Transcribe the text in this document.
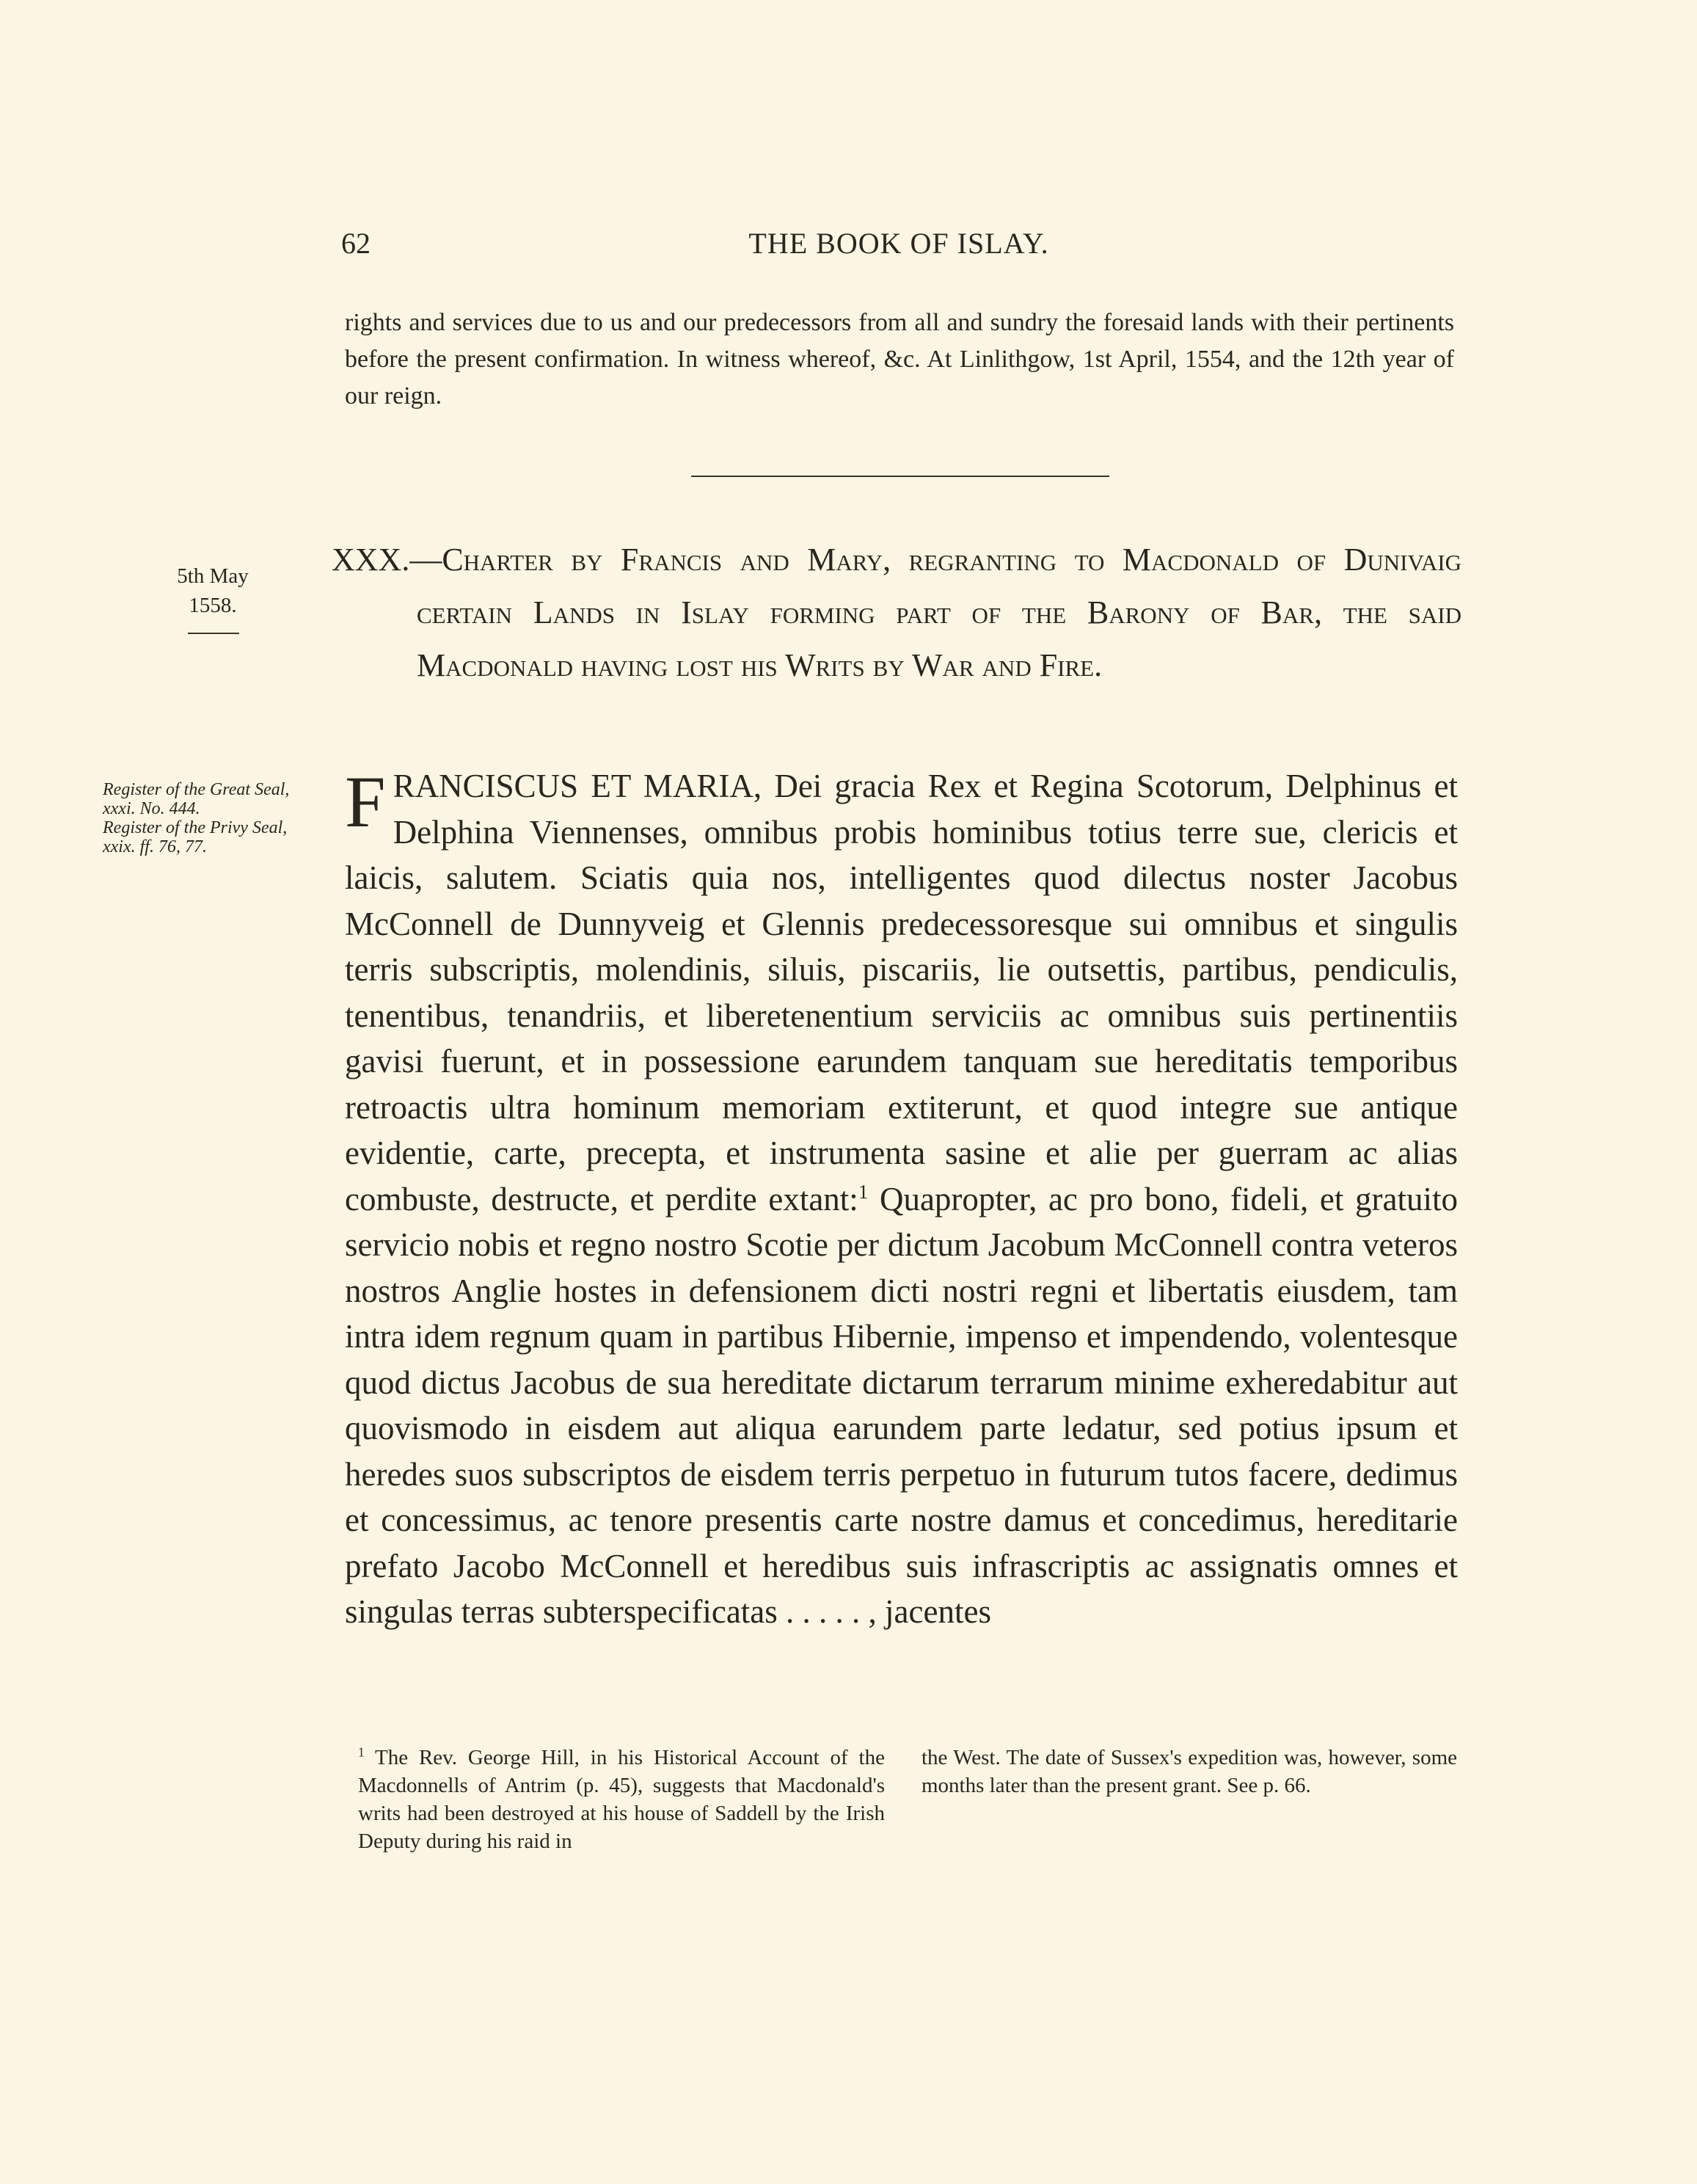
62	THE BOOK OF ISLAY.

rights and services due to us and our predecessors from all and sundry the foresaid lands with their pertinents before the present confirmation. In witness whereof, &c. At Linlithgow, 1st April, 1554, and the 12th year of our reign.

5th May
1558.
XXX.—Charter by Francis and Mary, regranting to Macdonald of Dunivaig certain Lands in Islay forming part of the Barony of Bar, the said Macdonald having lost his Writs by War and Fire.

Register of the Great Seal, xxxi. No. 444.

Register of the Privy Seal, xxix. ff. 76, 77.

FRANCISCUS ET MARIA, Dei gracia Rex et Regina Scotorum, Delphinus et Delphina Viennenses, omnibus probis hominibus totius terre sue, clericis et laicis, salutem. Sciatis quia nos, intelligentes quod dilectus noster Jacobus McConnell de Dunnyveig et Glennis predecessoresque sui omnibus et singulis terris subscriptis, molendinis, siluis, piscariis, lie outsettis, partibus, pendiculis, tenentibus, tenandriis, et liberetenentium serviciis ac omnibus suis pertinentiis gavisi fuerunt, et in possessione earundem tanquam sue hereditatis temporibus retroactis ultra hominum memoriam extiterunt, et quod integre sue antique evidentie, carte, precepta, et instrumenta sasine et alie per guerram ac alias combuste, destructe, et perdite extant:$^1$ Quapropter, ac pro bono, fideli, et gratuito servicio nobis et regno nostro Scotie per dictum Jacobum McConnell contra veteros nostros Anglie hostes in defensionem dicti nostri regni et libertatis eiusdem, tam intra idem regnum quam in partibus Hibernie, impenso et impendendo, volentesque quod dictus Jacobus de sua hereditate dictarum terrarum minime exheredabitur aut quovismodo in eisdem aut aliqua earundem parte ledatur, sed potius ipsum et heredes suos subscriptos de eisdem terris perpetuo in futurum tutos facere, dedimus et concessimus, ac tenore presentis carte nostre damus et concedimus, hereditarie prefato Jacobo McConnell et heredibus suis infrascriptis ac assignatis omnes et singulas terras subterspecificatas . . . . . , jacentes

$^1$ The Rev. George Hill, in his Historical Account of the Macdonnells of Antrim (p. 45), suggests that Macdonald's writs had been destroyed at his house of Saddell by the Irish Deputy during his raid in

the West. The date of Sussex's expedition was, however, some months later than the present grant. See p. 66.
